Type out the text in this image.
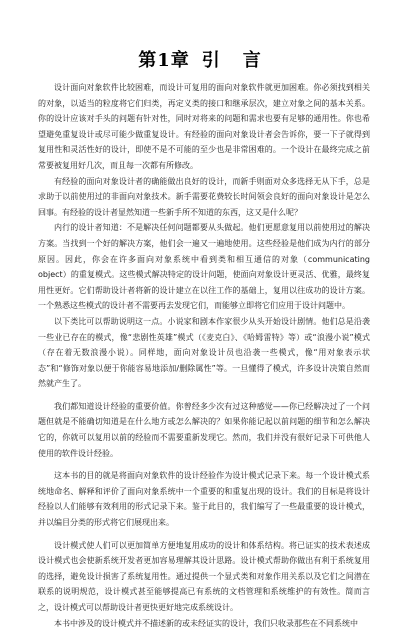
第1章 引 言

设计面向对象软件比较困难，而设计可复用的面向对象软件就更加困难。你必须找到相关的对象，以适当的粒度将它们归类，再定义类的接口和继承层次，建立对象之间的基本关系。你的设计应该对手头的问题有针对性，同时对将来的问题和需求也要有足够的通用性。你也希望避免重复设计或尽可能少做重复设计。有经验的面向对象设计者会告诉你，要一下子就得到复用性和灵活性好的设计，即使不是不可能的至少也是非常困难的。一个设计在最终完成之前常要被复用好几次，而且每一次都有所修改。

有经验的面向对象设计者的确能做出良好的设计，而新手则面对众多选择无从下手，总是求助于以前使用过的非面向对象技术。新手需要花费较长时间领会良好的面向对象设计是怎么回事。有经验的设计者显然知道一些新手所不知道的东西，这又是什么呢？

内行的设计者知道：不是解决任何问题都要从头做起。他们更愿意复用以前使用过的解决方案。当找到一个好的解决方案，他们会一遍又一遍地使用。这些经验是他们成为内行的部分原因。因此，你会在许多面向对象系统中看到类和相互通信的对象（communicating object）的重复模式。这些模式解决特定的设计问题，使面向对象设计更灵活、优雅，最终复用性更好。它们帮助设计者将新的设计建立在以往工作的基础上，复用以往成功的设计方案。一个熟悉这些模式的设计者不需要再去发现它们，而能够立即将它们应用于设计问题中。

以下类比可以帮助说明这一点。小说家和剧本作家很少从头开始设计剧情。他们总是沿袭一些业已存在的模式，像“悲剧性英雄”模式（《麦克白》、《哈姆雷特》等）或“浪漫小说”模式（存在着无数浪漫小说）。同样地，面向对象设计员也沿袭一些模式，像“用对象表示状态”和“修饰对象以便于你能容易地添加/删除属性”等。一旦懂得了模式，许多设计决策自然而然就产生了。

我们都知道设计经验的重要价值。你曾经多少次有过这种感觉——你已经解决过了一个问题但就是不能确切知道是在什么地方或怎么解决的？如果你能记起以前问题的细节和怎么解决它的，你就可以复用以前的经验而不需要重新发现它。然而，我们并没有很好记录下可供他人使用的软件设计经验。

这本书的目的就是将面向对象软件的设计经验作为设计模式记录下来。每一个设计模式系统地命名、解释和评价了面向对象系统中一个重要的和重复出现的设计。我们的目标是将设计经验以人们能够有效利用的形式记录下来。鉴于此目的，我们编写了一些最重要的设计模式，并以编目分类的形式将它们展现出来。

设计模式使人们可以更加简单方便地复用成功的设计和体系结构。将已证实的技术表述成设计模式也会使新系统开发者更加容易理解其设计思路。设计模式帮助你做出有利于系统复用的选择，避免设计损害了系统复用性。通过提供一个显式类和对象作用关系以及它们之间潜在联系的说明规范，设计模式甚至能够提高已有系统的文档管理和系统维护的有效性。简而言之，设计模式可以帮助设计者更快更好地完成系统设计。

本书中涉及的设计模式并不描述新的或未经证实的设计，我们只收录那些在不同系统中
